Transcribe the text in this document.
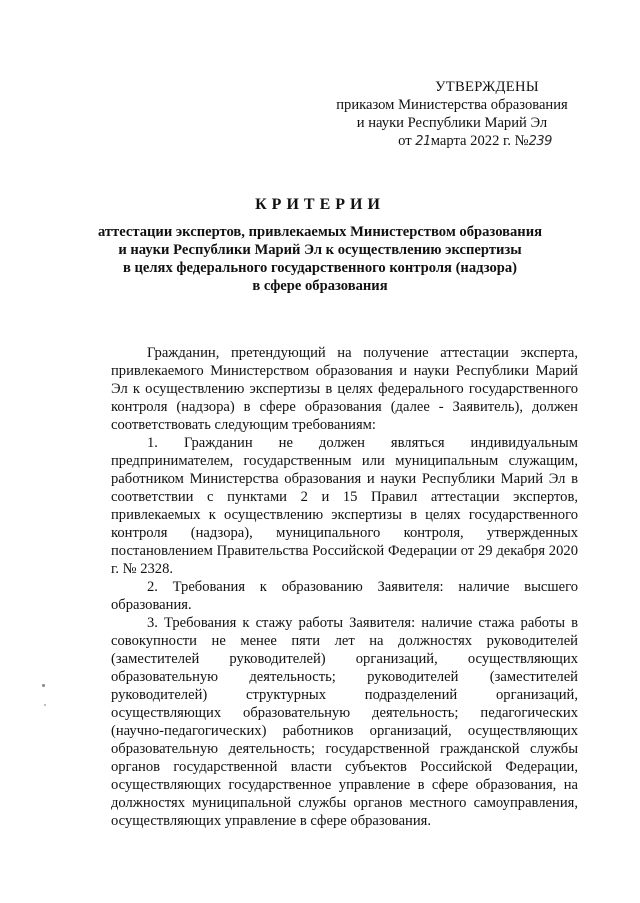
УТВЕРЖДЕНЫ
приказом Министерства образования
и науки Республики Марий Эл
от 21марта 2022 г. №239
КРИТЕРИИ
аттестации экспертов, привлекаемых Министерством образования
и науки Республики Марий Эл к осуществлению экспертизы
в целях федерального государственного контроля (надзора)
в сфере образования

Гражданин, претендующий на получение аттестации эксперта, привлекаемого Министерством образования и науки Республики Марий Эл к осуществлению экспертизы в целях федерального государственного контроля (надзора) в сфере образования (далее - Заявитель), должен соответствовать следующим требованиям:

1. Гражданин не должен являться индивидуальным предпринимателем, государственным или муниципальным служащим, работником Министерства образования и науки Республики Марий Эл в соответствии с пунктами 2 и 15 Правил аттестации экспертов, привлекаемых к осуществлению экспертизы в целях государственного контроля (надзора), муниципального контроля, утвержденных постановлением Правительства Российской Федерации от 29 декабря 2020 г. № 2328.

2. Требования к образованию Заявителя: наличие высшего образования.

3. Требования к стажу работы Заявителя: наличие стажа работы в совокупности не менее пяти лет на должностях руководителей (заместителей руководителей) организаций, осуществляющих образовательную деятельность; руководителей (заместителей руководителей) структурных подразделений организаций, осуществляющих образовательную деятельность; педагогических (научно-педагогических) работников организаций, осуществляющих образовательную деятельность; государственной гражданской службы органов государственной власти субъектов Российской Федерации, осуществляющих государственное управление в сфере образования, на должностях муниципальной службы органов местного самоуправления, осуществляющих управление в сфере образования.
